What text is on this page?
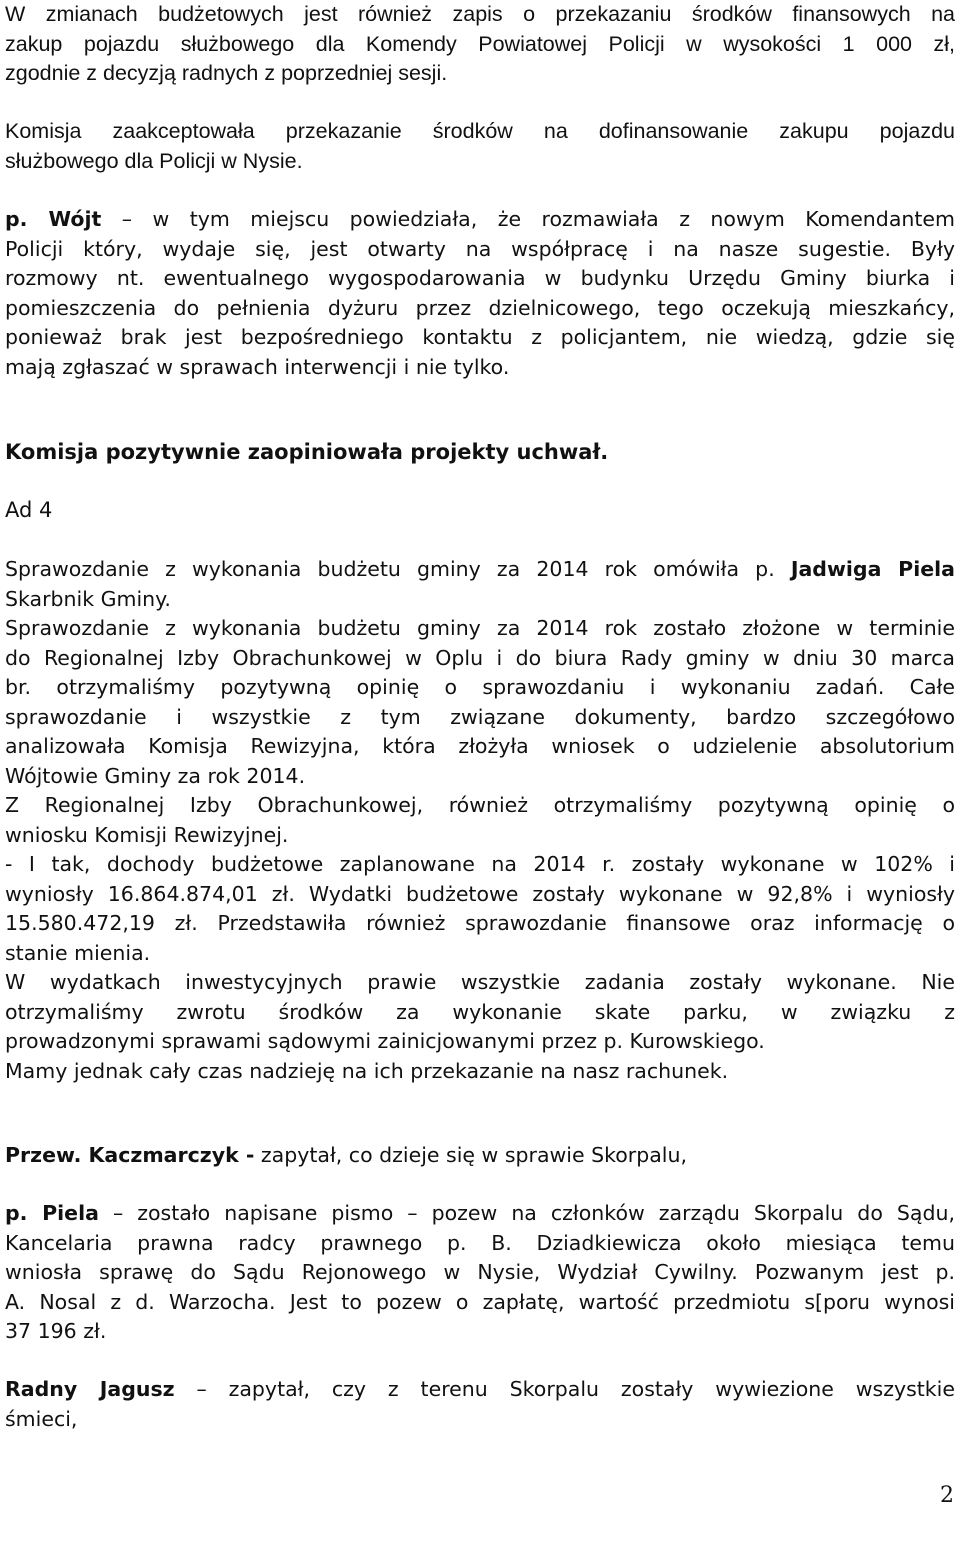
W zmianach budżetowych jest również zapis o przekazaniu środków finansowych na
zakup pojazdu służbowego dla Komendy Powiatowej Policji w wysokości 1 000 zł,
zgodnie z decyzją radnych z poprzedniej sesji.
Komisja zaakceptowała przekazanie środków na dofinansowanie zakupu pojazdu
służbowego dla Policji w Nysie.
p. Wójt – w tym miejscu powiedziała, że rozmawiała z nowym Komendantem
Policji który, wydaje się, jest otwarty na współpracę i na nasze sugestie. Były
rozmowy nt. ewentualnego wygospodarowania w budynku Urzędu Gminy biurka i
pomieszczenia do pełnienia dyżuru przez dzielnicowego, tego oczekują mieszkańcy,
ponieważ brak jest bezpośredniego kontaktu z policjantem, nie wiedzą, gdzie się
mają zgłaszać w sprawach interwencji i nie tylko.
Komisja pozytywnie zaopiniowała projekty uchwał.
Ad 4
Sprawozdanie z wykonania budżetu gminy za 2014 rok omówiła p. Jadwiga Piela
Skarbnik Gminy.
Sprawozdanie z wykonania budżetu gminy za 2014 rok zostało złożone w terminie
do Regionalnej Izby Obrachunkowej w Oplu i do biura Rady gminy w dniu 30 marca
br. otrzymaliśmy pozytywną opinię o sprawozdaniu i wykonaniu zadań. Całe
sprawozdanie i wszystkie z tym związane dokumenty, bardzo szczegółowo
analizowała Komisja Rewizyjna, która złożyła wniosek o udzielenie absolutorium
Wójtowie Gminy za rok 2014.
Z Regionalnej Izby Obrachunkowej, również otrzymaliśmy pozytywną opinię o
wniosku Komisji Rewizyjnej.
- I tak, dochody budżetowe zaplanowane na 2014 r. zostały wykonane w 102% i
wyniosły 16.864.874,01 zł. Wydatki budżetowe zostały wykonane w 92,8% i wyniosły
15.580.472,19 zł. Przedstawiła również sprawozdanie finansowe oraz informację o
stanie mienia.
W wydatkach inwestycyjnych prawie wszystkie zadania zostały wykonane. Nie
otrzymaliśmy zwrotu środków za wykonanie skate parku, w związku z
prowadzonymi sprawami sądowymi zainicjowanymi przez p. Kurowskiego.
Mamy jednak cały czas nadzieję na ich przekazanie na nasz rachunek.
Przew. Kaczmarczyk - zapytał, co dzieje się w sprawie Skorpalu,
p. Piela – zostało napisane pismo – pozew na członków zarządu Skorpalu do Sądu,
Kancelaria prawna radcy prawnego p. B. Dziadkiewicza około miesiąca temu
wniosła sprawę do Sądu Rejonowego w Nysie, Wydział Cywilny. Pozwanym jest p.
A. Nosal z d. Warzocha. Jest to pozew o zapłatę, wartość przedmiotu s[poru wynosi
37 196 zł.
Radny Jagusz – zapytał, czy z terenu Skorpalu zostały wywiezione wszystkie
śmieci,
2
